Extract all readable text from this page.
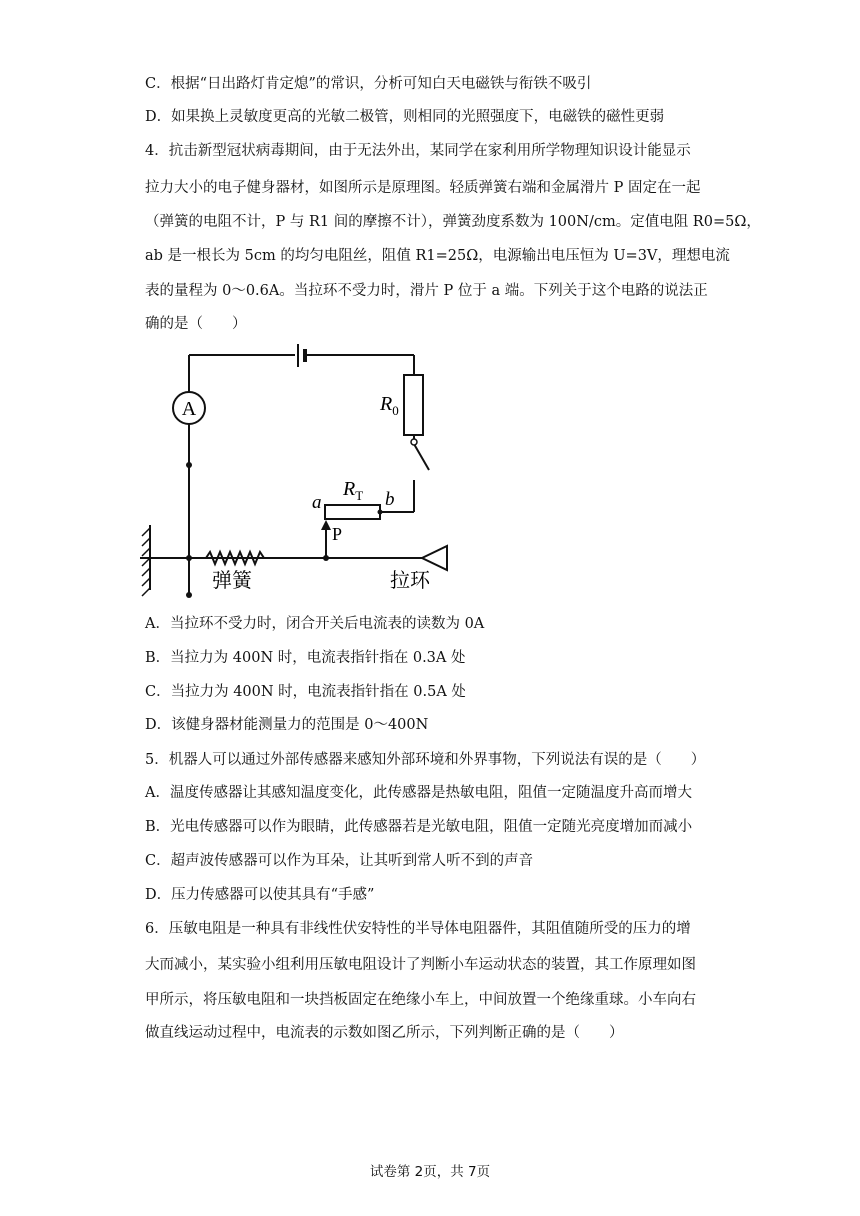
C．根据“日出路灯肯定熄”的常识，分析可知白天电磁铁与衔铁不吸引
D．如果换上灵敏度更高的光敏二极管，则相同的光照强度下，电磁铁的磁性更弱
4．抗击新型冠状病毒期间，由于无法外出，某同学在家利用所学物理知识设计能显示
拉力大小的电子健身器材，如图所示是原理图。轻质弹簧右端和金属滑片 P 固定在一起
（弹簧的电阻不计，P 与 R1 间的摩擦不计），弹簧劲度系数为 100N/cm。定值电阻 R0=5Ω，
ab 是一根长为 5cm 的均匀电阻丝，阻值 R1=25Ω，电源输出电压恒为 U=3V，理想电流
表的量程为 0～0.6A。当拉环不受力时，滑片 P 位于 a 端。下列关于这个电路的说法正
确的是（　　）
A	$R_0$
$R_T$
a	b
P
弹簧	拉环
A．当拉环不受力时，闭合开关后电流表的读数为 0A
B．当拉力为 400N 时，电流表指针指在 0.3A 处
C．当拉力为 400N 时，电流表指针指在 0.5A 处
D．该健身器材能测量力的范围是 0～400N
5．机器人可以通过外部传感器来感知外部环境和外界事物，下列说法有误的是（　　）
A．温度传感器让其感知温度变化，此传感器是热敏电阻，阻值一定随温度升高而增大
B．光电传感器可以作为眼睛，此传感器若是光敏电阻，阻值一定随光亮度增加而减小
C．超声波传感器可以作为耳朵，让其听到常人听不到的声音
D．压力传感器可以使其具有“手感”
6．压敏电阻是一种具有非线性伏安特性的半导体电阻器件，其阻值随所受的压力的增
大而减小，某实验小组利用压敏电阻设计了判断小车运动状态的装置，其工作原理如图
甲所示，将压敏电阻和一块挡板固定在绝缘小车上，中间放置一个绝缘重球。小车向右
做直线运动过程中，电流表的示数如图乙所示，下列判断正确的是（　　）
试卷第 2页，共 7页
